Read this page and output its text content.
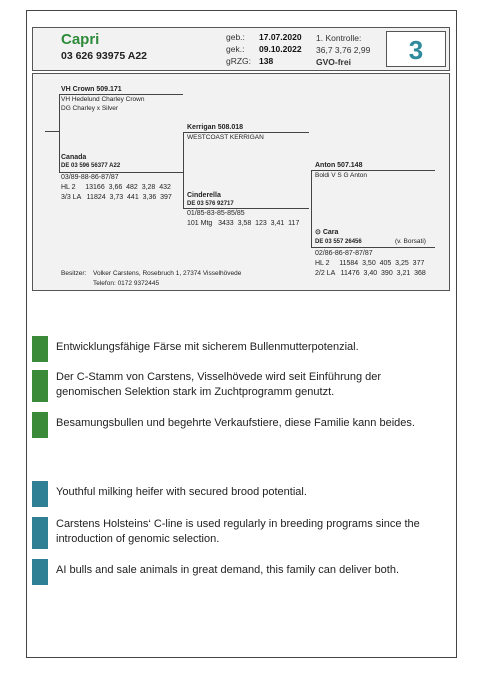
Capri
03 626 93975 A22
geb.: 17.07.2020
gek.: 09.10.2022
gRZG: 138
1. Kontrolle:
36,7 3,76 2,99
GVO-frei	3
VH Crown 509.171
VH Hedelund Charley Crown
DG Charley x Silver
Canada
DE 03 596 56377 A22
03/89-88-86-87/87
HL 2     13166  3,66  482  3,28  432
3/3 LA   11824  3,73  441  3,36  397
Kerrigan 508.018
WESTCOAST KERRIGAN
Cinderella
DE 03 576 92717
01/85-83-85-85/85
101 Mtg   3433  3,58  123  3,41  117
Anton 507.148
Boldi V S G Anton
⊙ Cara
DE 03 557 26456	(v. Borsati)
02/86-86-87-87/87
HL 2     11584  3,50  405  3,25  377
2/2 LA   11476  3,40  390  3,21  368
Besitzer: Volker Carstens, Rosebruch 1, 27374 Visselhövede
Telefon: 0172 9372445
Entwicklungsfähige Färse mit sicherem Bullenmutterpotenzial.
Der C-Stamm von Carstens, Visselhövede wird seit Einführung der genomischen Selektion stark im Zuchtprogramm genutzt.
Besamungsbullen und begehrte Verkaufstiere, diese Familie kann beides.
Youthful milking heifer with secured brood potential.
Carstens Holsteins‘ C-line is used regularly in breeding programs since the introduction of genomic selection.
AI bulls and sale animals in great demand, this family can deliver both.
